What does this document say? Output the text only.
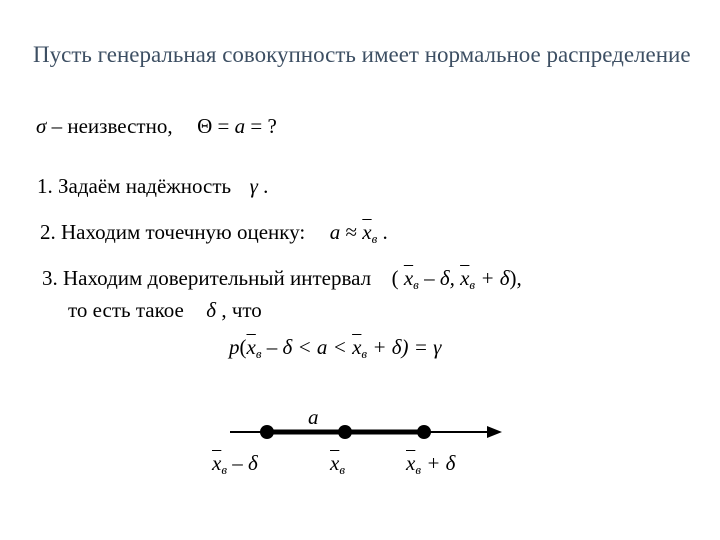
Пусть генеральная совокупность имеет нормальное распределение
σ – неизвестно, Θ = a = ?
1. Задаём надёжность γ .
2. Находим точечную оценку: $a \approx \overline{x}_в$ .
3. Находим доверительный интервал ( $\overline{x}_в$ – δ, $\overline{x}_в + \delta$),
то есть такое δ , что
$p(\overline{x}_в - \delta < a < \overline{x}_в + \delta) = \gamma$
a
$\overline{x}_в$ – δ	$\overline{x}_в$	$\overline{x}_в + \delta$
